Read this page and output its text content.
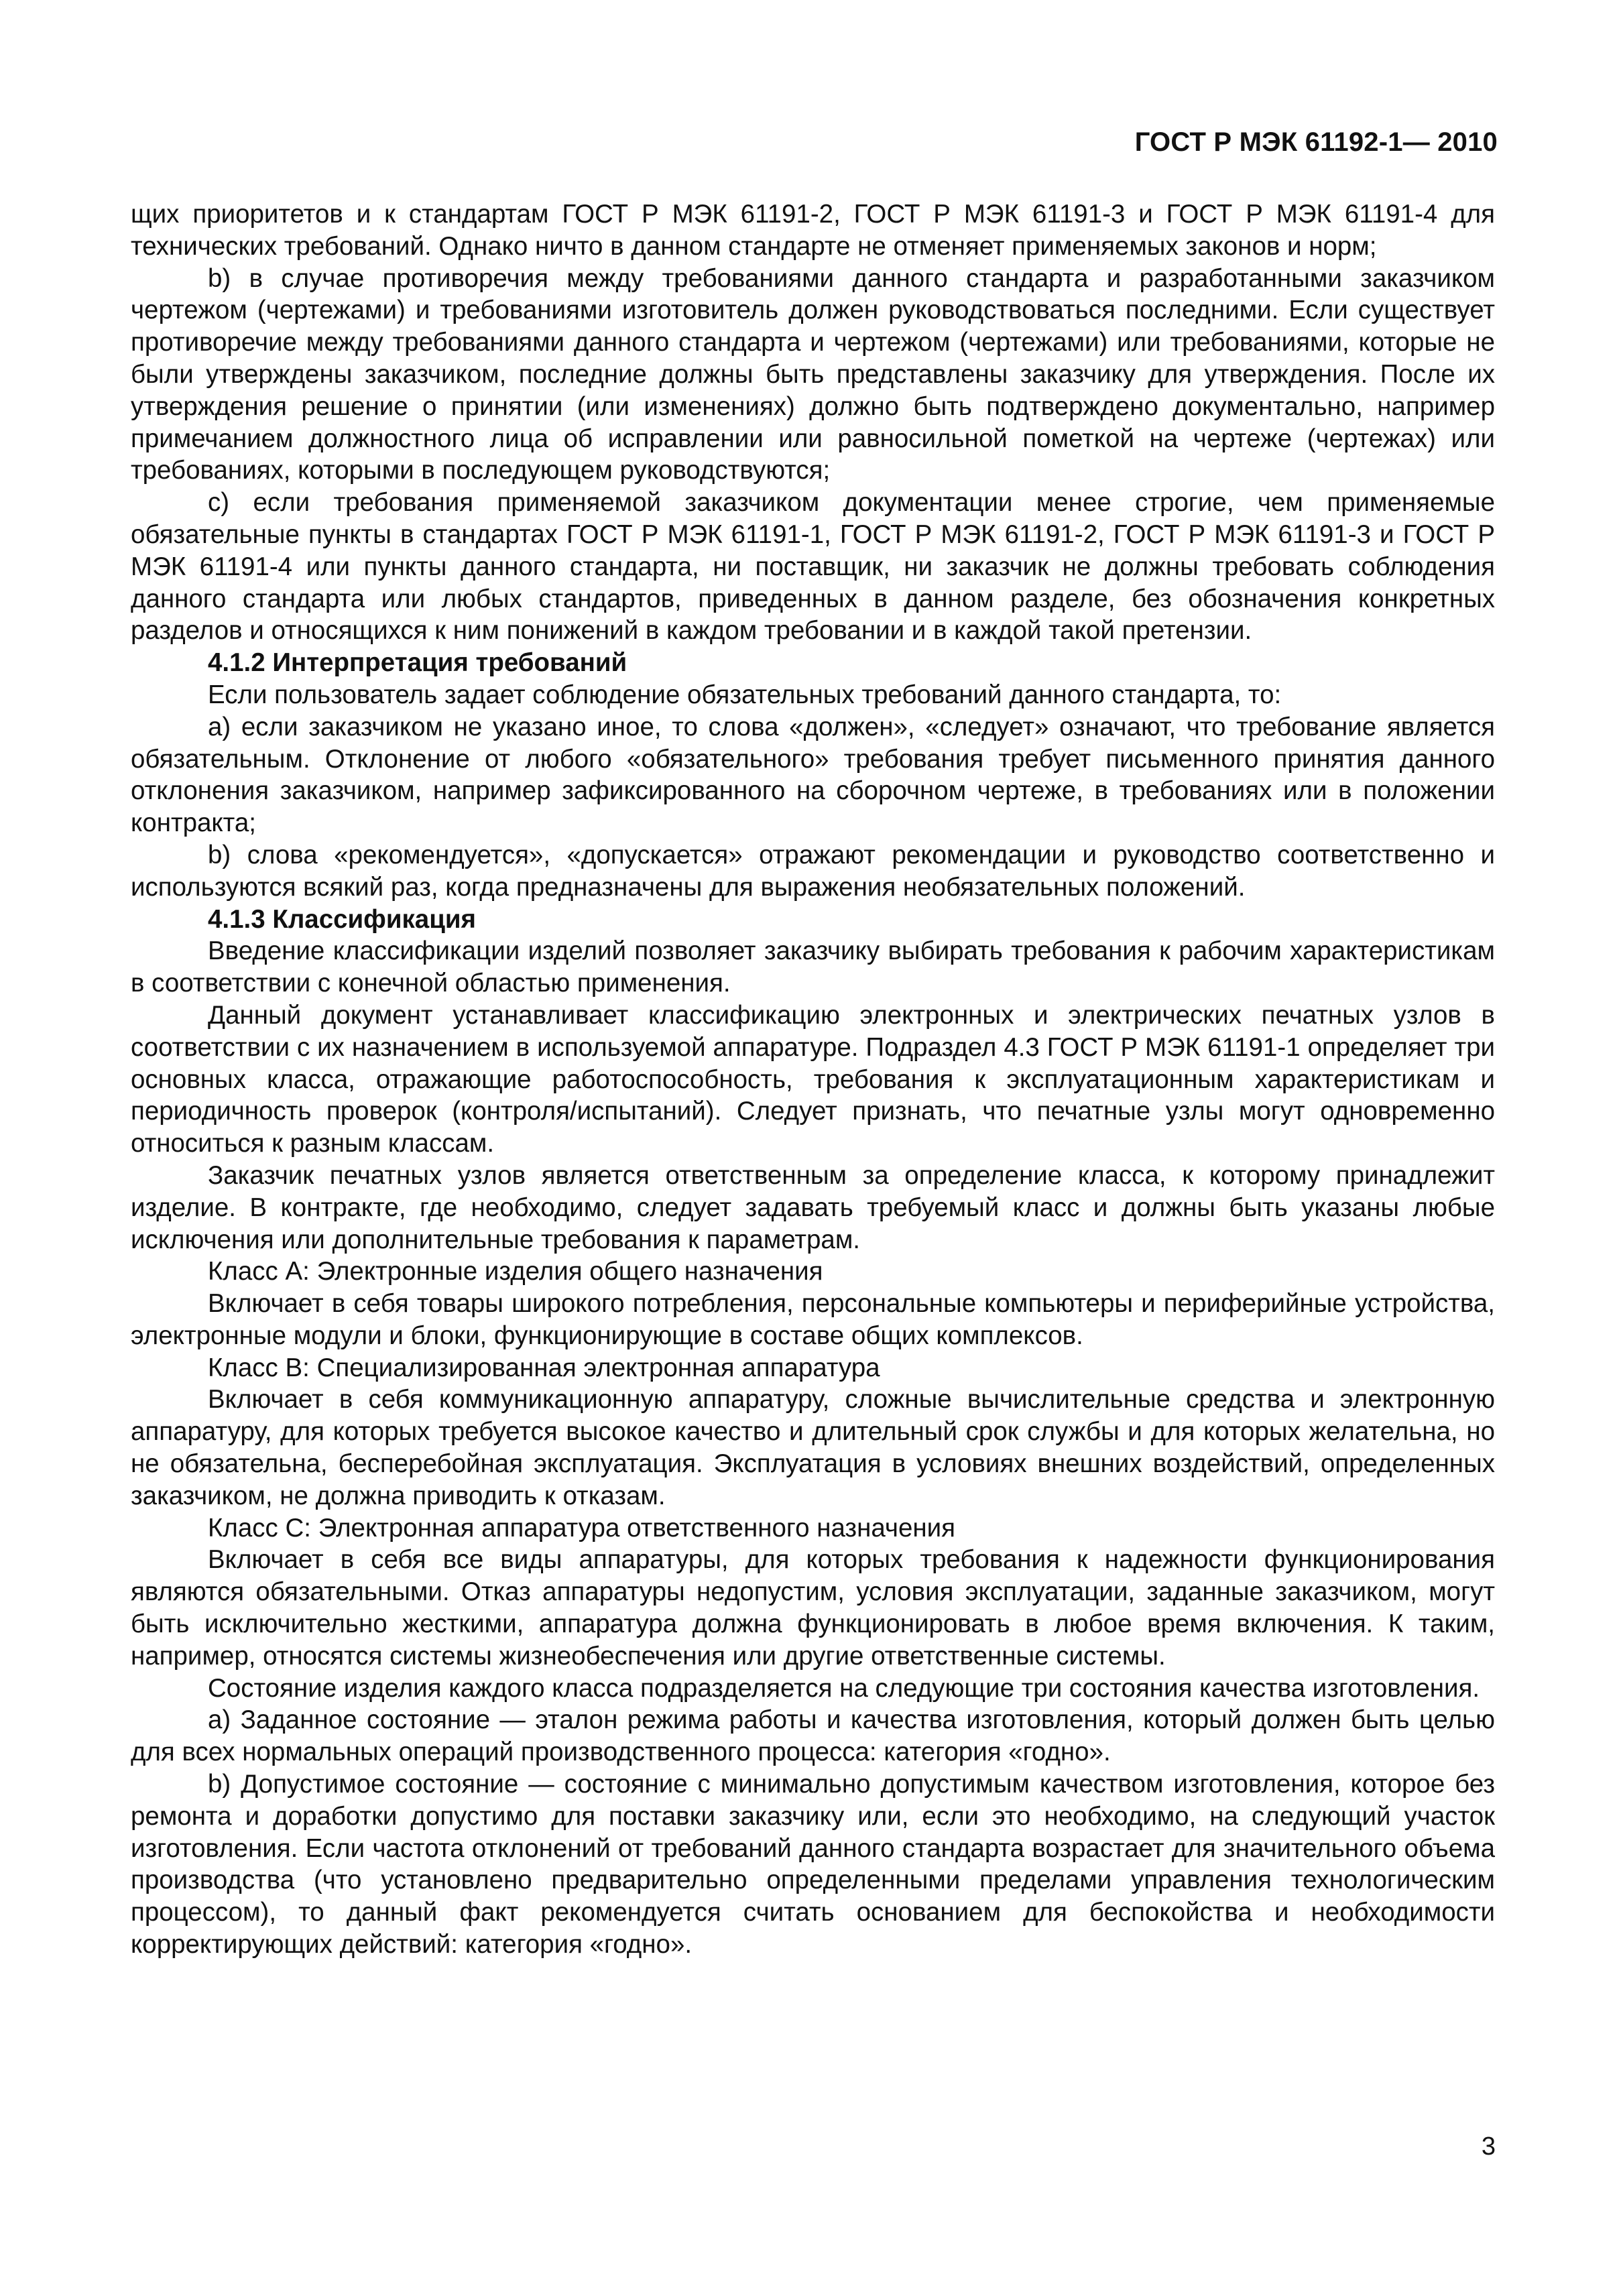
ГОСТ Р МЭК 61192-1— 2010

щих приоритетов и к стандартам ГОСТ Р МЭК 61191-2, ГОСТ Р МЭК 61191-3 и ГОСТ Р МЭК 61191-4 для технических требований. Однако ничто в данном стандарте не отменяет применяемых законов и норм;

b) в случае противоречия между требованиями данного стандарта и разработанными заказчиком чертежом (чертежами) и требованиями изготовитель должен руководствоваться последними. Если существует противоречие между требованиями данного стандарта и чертежом (чертежами) или требованиями, которые не были утверждены заказчиком, последние должны быть представлены заказчику для утверждения. После их утверждения решение о принятии (или изменениях) должно быть подтверждено документально, например примечанием должностного лица об исправлении или равносильной пометкой на чертеже (чертежах) или требованиях, которыми в последующем руководствуются;

c) если требования применяемой заказчиком документации менее строгие, чем применяемые обязательные пункты в стандартах ГОСТ Р МЭК 61191-1, ГОСТ Р МЭК 61191-2, ГОСТ Р МЭК 61191-3 и ГОСТ Р МЭК 61191-4 или пункты данного стандарта, ни поставщик, ни заказчик не должны требовать соблюдения данного стандарта или любых стандартов, приведенных в данном разделе, без обозначения конкретных разделов и относящихся к ним понижений в каждом требовании и в каждой такой претензии.

4.1.2 Интерпретация требований

Если пользователь задает соблюдение обязательных требований данного стандарта, то:

a) если заказчиком не указано иное, то слова «должен», «следует» означают, что требование является обязательным. Отклонение от любого «обязательного» требования требует письменного принятия данного отклонения заказчиком, например зафиксированного на сборочном чертеже, в требованиях или в положении контракта;

b) слова «рекомендуется», «допускается» отражают рекомендации и руководство соответственно и используются всякий раз, когда предназначены для выражения необязательных положений.

4.1.3 Классификация

Введение классификации изделий позволяет заказчику выбирать требования к рабочим характеристикам в соответствии с конечной областью применения.

Данный документ устанавливает классификацию электронных и электрических печатных узлов в соответствии с их назначением в используемой аппаратуре. Подраздел 4.3 ГОСТ Р МЭК 61191-1 определяет три основных класса, отражающие работоспособность, требования к эксплуатационным характеристикам и периодичность проверок (контроля/испытаний). Следует признать, что печатные узлы могут одновременно относиться к разным классам.

Заказчик печатных узлов является ответственным за определение класса, к которому принадлежит изделие. В контракте, где необходимо, следует задавать требуемый класс и должны быть указаны любые исключения или дополнительные требования к параметрам.

Класс А: Электронные изделия общего назначения

Включает в себя товары широкого потребления, персональные компьютеры и периферийные устройства, электронные модули и блоки, функционирующие в составе общих комплексов.

Класс В: Специализированная электронная аппаратура

Включает в себя коммуникационную аппаратуру, сложные вычислительные средства и электронную аппаратуру, для которых требуется высокое качество и длительный срок службы и для которых желательна, но не обязательна, бесперебойная эксплуатация. Эксплуатация в условиях внешних воздействий, определенных заказчиком, не должна приводить к отказам.

Класс С: Электронная аппаратура ответственного назначения

Включает в себя все виды аппаратуры, для которых требования к надежности функционирования являются обязательными. Отказ аппаратуры недопустим, условия эксплуатации, заданные заказчиком, могут быть исключительно жесткими, аппаратура должна функционировать в любое время включения. К таким, например, относятся системы жизнеобеспечения или другие ответственные системы.

Состояние изделия каждого класса подразделяется на следующие три состояния качества изготовления.

a) Заданное состояние — эталон режима работы и качества изготовления, который должен быть целью для всех нормальных операций производственного процесса: категория «годно».

b) Допустимое состояние — состояние с минимально допустимым качеством изготовления, которое без ремонта и доработки допустимо для поставки заказчику или, если это необходимо, на следующий участок изготовления. Если частота отклонений от требований данного стандарта возрастает для значительного объема производства (что установлено предварительно определенными пределами управления технологическим процессом), то данный факт рекомендуется считать основанием для беспокойства и необходимости корректирующих действий: категория «годно».

3
